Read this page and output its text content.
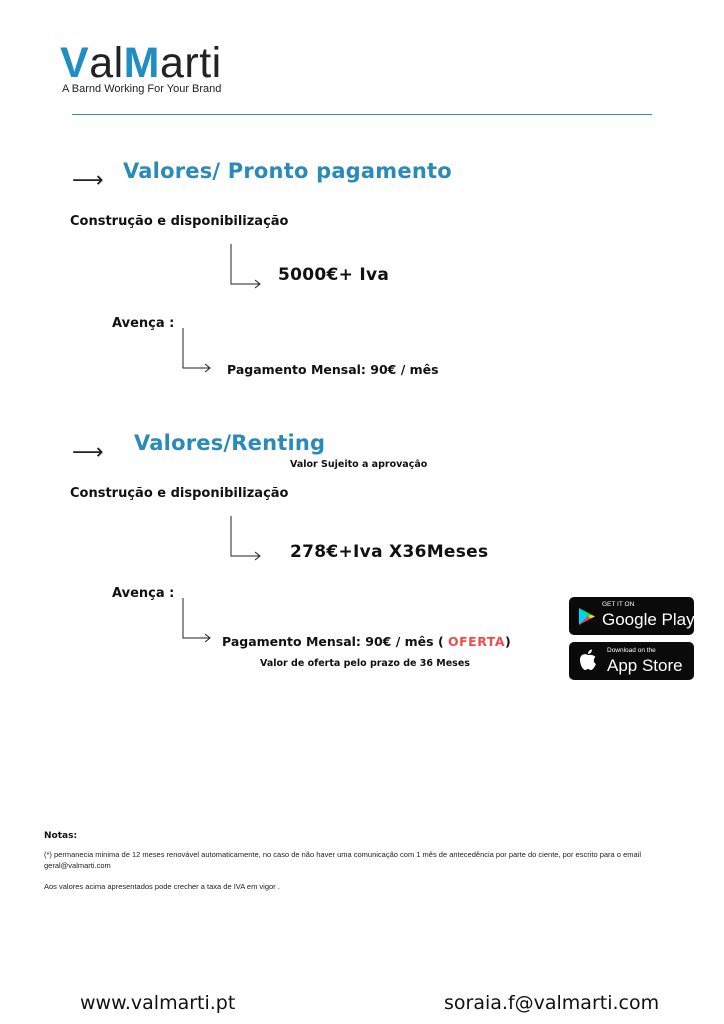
ValMarti
A Barnd Working For Your Brand
⟶ Valores/ Pronto pagamento
Construção e disponibilização
5000€+ Iva
Avença :
Pagamento Mensal: 90€ / mês
⟶ Valores/Renting
Valor Sujeito a aprovação
Construção e disponibilização
278€+Iva X36Meses
Avença :
Pagamento Mensal: 90€ / mês ( OFERTA)
Valor de oferta pelo prazo de 36 Meses
GET IT ON
Google Play
Download on the
App Store
Notas:
(*) permanecia minima de 12 meses renovável automaticamente, no caso de não haver uma comunicação com 1 mês de antecedência por parte do ciente, por escrito para o email geral@valmarti.com
Aos valores acima apresentados pode crecher a taxa de IVA em vigor .
www.valmarti.pt	soraia.f@valmarti.com
